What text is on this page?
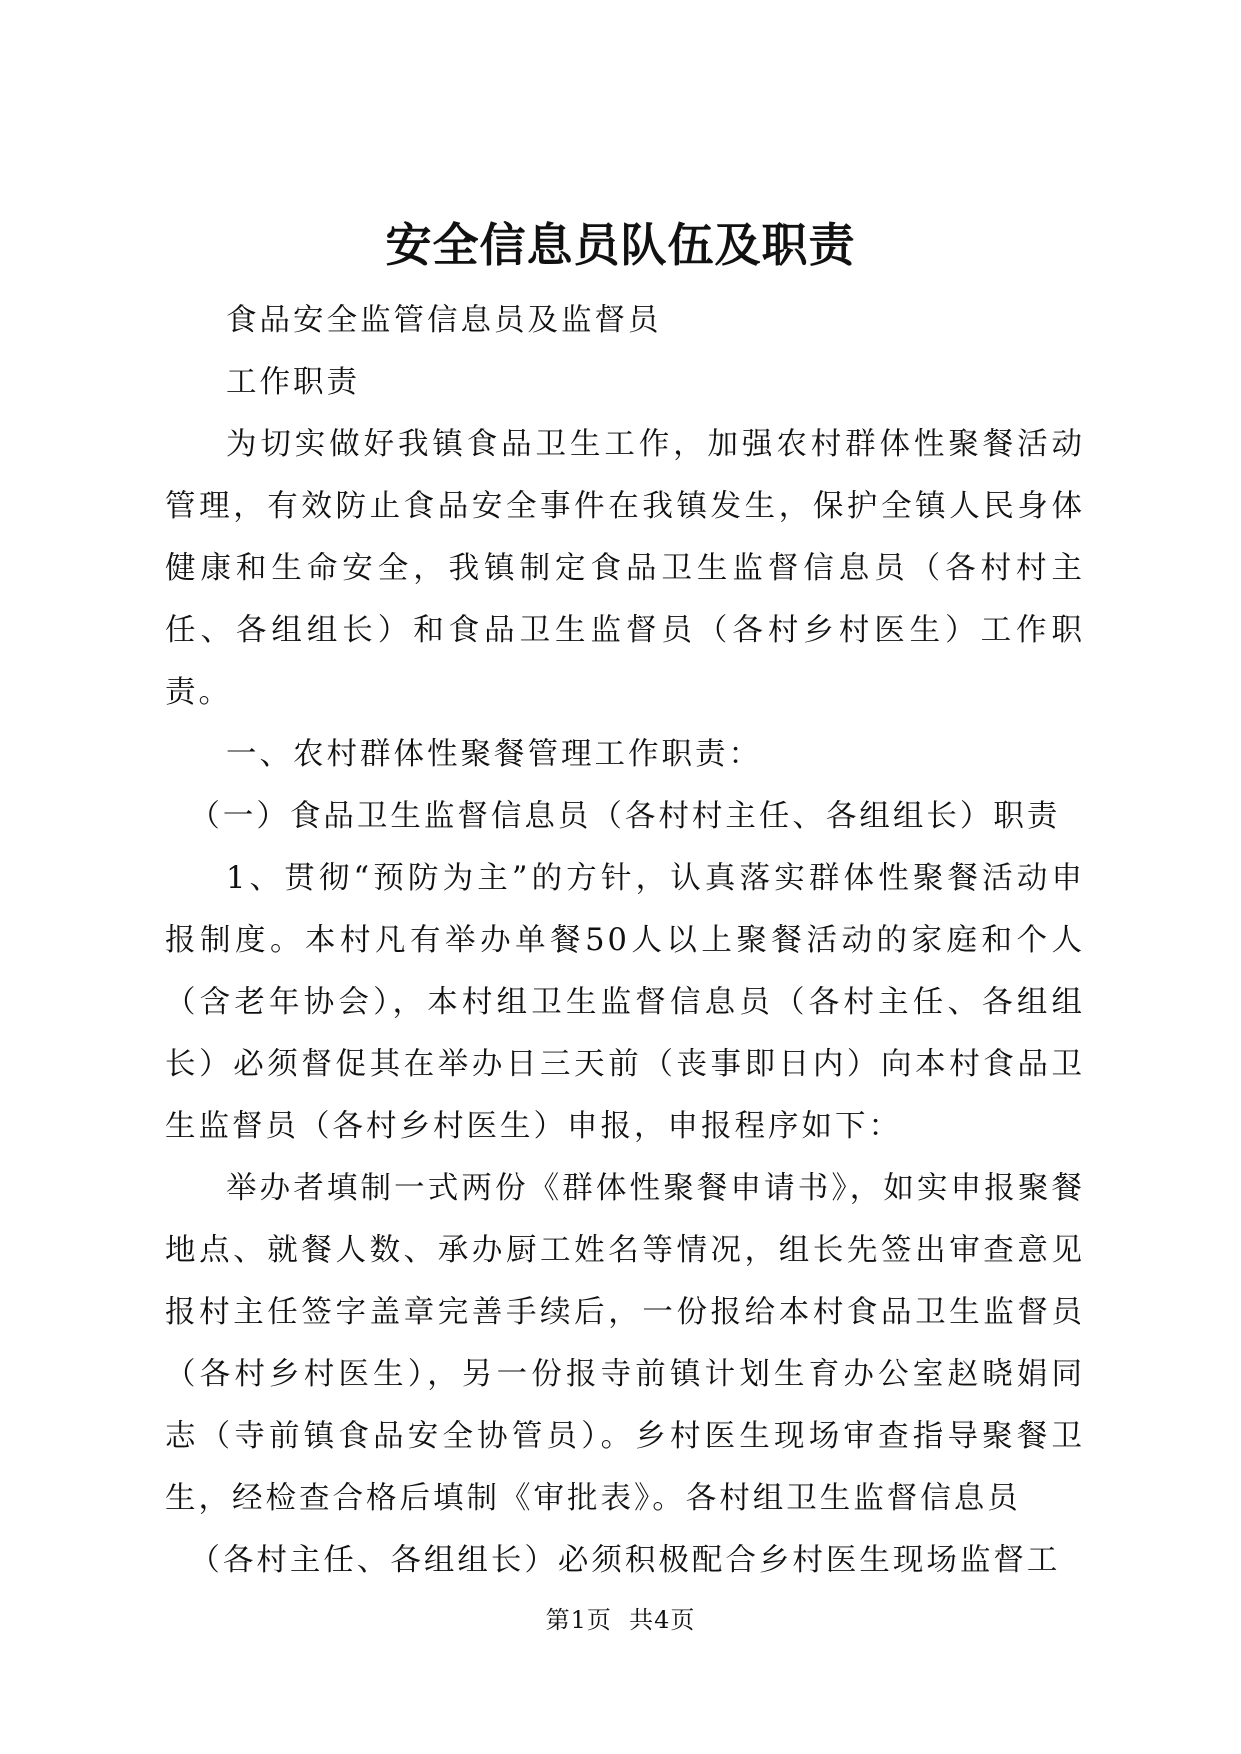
安全信息员队伍及职责

食品安全监管信息员及监督员

工作职责

为切实做好我镇食品卫生工作，加强农村群体性聚餐活动管理，有效防止食品安全事件在我镇发生，保护全镇人民身体健康和生命安全，我镇制定食品卫生监督信息员（各村村主任、各组组长）和食品卫生监督员（各村乡村医生）工作职责。

一、农村群体性聚餐管理工作职责：

（一）食品卫生监督信息员（各村村主任、各组组长）职责

1、贯彻“预防为主”的方针，认真落实群体性聚餐活动申报制度。本村凡有举办单餐50人以上聚餐活动的家庭和个人（含老年协会），本村组卫生监督信息员（各村主任、各组组长）必须督促其在举办日三天前（丧事即日内）向本村食品卫生监督员（各村乡村医生）申报，申报程序如下：

举办者填制一式两份《群体性聚餐申请书》，如实申报聚餐地点、就餐人数、承办厨工姓名等情况，组长先签出审查意见报村主任签字盖章完善手续后，一份报给本村食品卫生监督员（各村乡村医生），另一份报寺前镇计划生育办公室赵晓娟同志（寺前镇食品安全协管员）。乡村医生现场审查指导聚餐卫生，经检查合格后填制《审批表》。各村组卫生监督信息员

（各村主任、各组组长）必须积极配合乡村医生现场监督工

第1页 共4页
